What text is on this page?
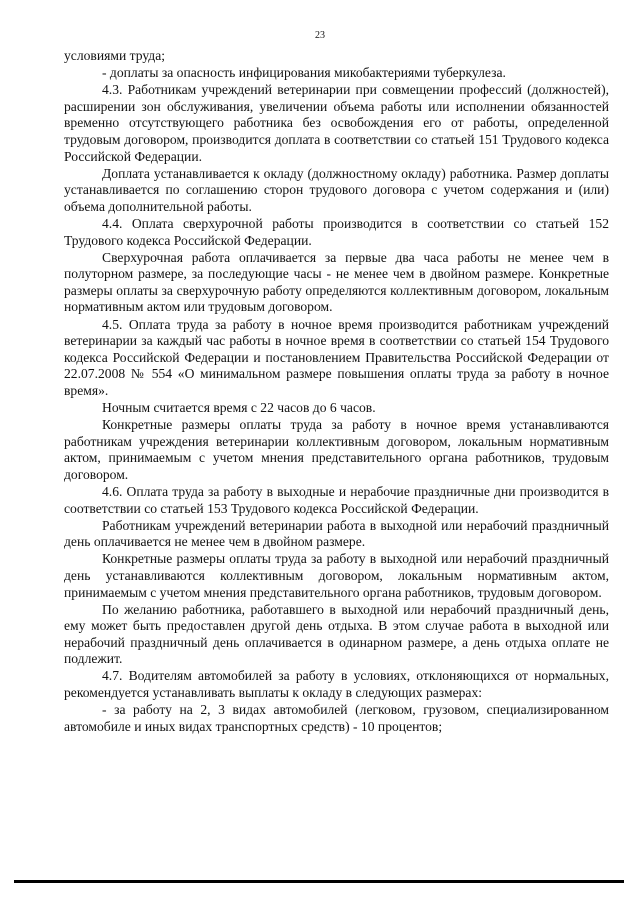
23

условиями труда;

- доплаты за опасность инфицирования микобактериями туберкулеза.

4.3. Работникам учреждений ветеринарии при совмещении профессий (должностей), расширении зон обслуживания, увеличении объема работы или исполнении обязанностей временно отсутствующего работника без освобождения его от работы, определенной трудовым договором, производится доплата в соответствии со статьей 151 Трудового кодекса Российской Федерации.

Доплата устанавливается к окладу (должностному окладу) работника. Размер доплаты устанавливается по соглашению сторон трудового договора с учетом содержания и (или) объема дополнительной работы.

4.4. Оплата сверхурочной работы производится в соответствии со статьей 152 Трудового кодекса Российской Федерации.

Сверхурочная работа оплачивается за первые два часа работы не менее чем в полуторном размере, за последующие часы - не менее чем в двойном размере. Конкретные размеры оплаты за сверхурочную работу определяются коллективным договором, локальным нормативным актом или трудовым договором.

4.5. Оплата труда за работу в ночное время производится работникам учреждений ветеринарии за каждый час работы в ночное время в соответствии со статьей 154 Трудового кодекса Российской Федерации и постановлением Правительства Российской Федерации от 22.07.2008 № 554 «О минимальном размере повышения оплаты труда за работу в ночное время».

Ночным считается время с 22 часов до 6 часов.

Конкретные размеры оплаты труда за работу в ночное время устанавливаются работникам учреждения ветеринарии коллективным договором, локальным нормативным актом, принимаемым с учетом мнения представительного органа работников, трудовым договором.

4.6. Оплата труда за работу в выходные и нерабочие праздничные дни производится в соответствии со статьей 153 Трудового кодекса Российской Федерации.

Работникам учреждений ветеринарии работа в выходной или нерабочий праздничный день оплачивается не менее чем в двойном размере.

Конкретные размеры оплаты труда за работу в выходной или нерабочий праздничный день устанавливаются коллективным договором, локальным нормативным актом, принимаемым с учетом мнения представительного органа работников, трудовым договором.

По желанию работника, работавшего в выходной или нерабочий праздничный день, ему может быть предоставлен другой день отдыха. В этом случае работа в выходной или нерабочий праздничный день оплачивается в одинарном размере, а день отдыха оплате не подлежит.

4.7. Водителям автомобилей за работу в условиях, отклоняющихся от нормальных, рекомендуется устанавливать выплаты к окладу в следующих размерах:

- за работу на 2, 3 видах автомобилей (легковом, грузовом, специализированном автомобиле и иных видах транспортных средств) - 10 процентов;
